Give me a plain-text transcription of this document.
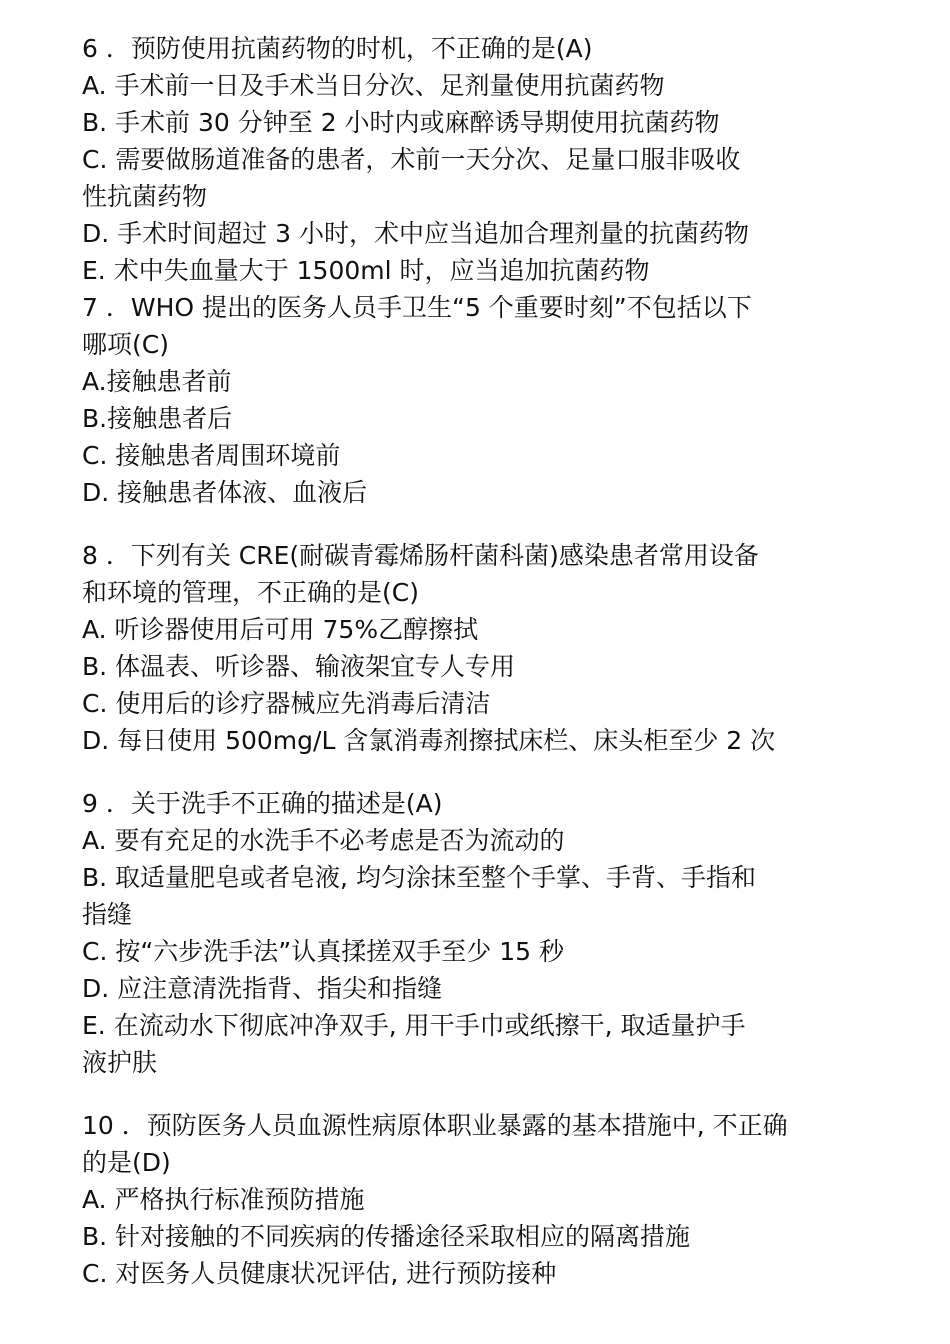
6 ．预防使用抗菌药物的时机，不正确的是(A)
A. 手术前一日及手术当日分次、足剂量使用抗菌药物
B. 手术前 30 分钟至 2 小时内或麻醉诱导期使用抗菌药物
C. 需要做肠道准备的患者，术前一天分次、足量口服非吸收
性抗菌药物
D. 手术时间超过 3 小时，术中应当追加合理剂量的抗菌药物
E. 术中失血量大于 1500ml 时，应当追加抗菌药物
7 ．WHO 提出的医务人员手卫生“5 个重要时刻”不包括以下
哪项(C)
A.接触患者前
B.接触患者后
C. 接触患者周围环境前
D. 接触患者体液、血液后
8 ．下列有关 CRE(耐碳青霉烯肠杆菌科菌)感染患者常用设备
和环境的管理，不正确的是(C)
A. 听诊器使用后可用 75%乙醇擦拭
B. 体温表、听诊器、输液架宜专人专用
C. 使用后的诊疗器械应先消毒后清洁
D. 每日使用 500mg/L 含氯消毒剂擦拭床栏、床头柜至少 2 次
9 ．关于洗手不正确的描述是(A)
A. 要有充足的水洗手不必考虑是否为流动的
B. 取适量肥皂或者皂液, 均匀涂抹至整个手掌、手背、手指和
指缝
C. 按“六步洗手法”认真揉搓双手至少 15 秒
D. 应注意清洗指背、指尖和指缝
E. 在流动水下彻底冲净双手, 用干手巾或纸擦干, 取适量护手
液护肤
10 ．预防医务人员血源性病原体职业暴露的基本措施中, 不正确
的是(D)
A. 严格执行标准预防措施
B. 针对接触的不同疾病的传播途径采取相应的隔离措施
C. 对医务人员健康状况评估, 进行预防接种
